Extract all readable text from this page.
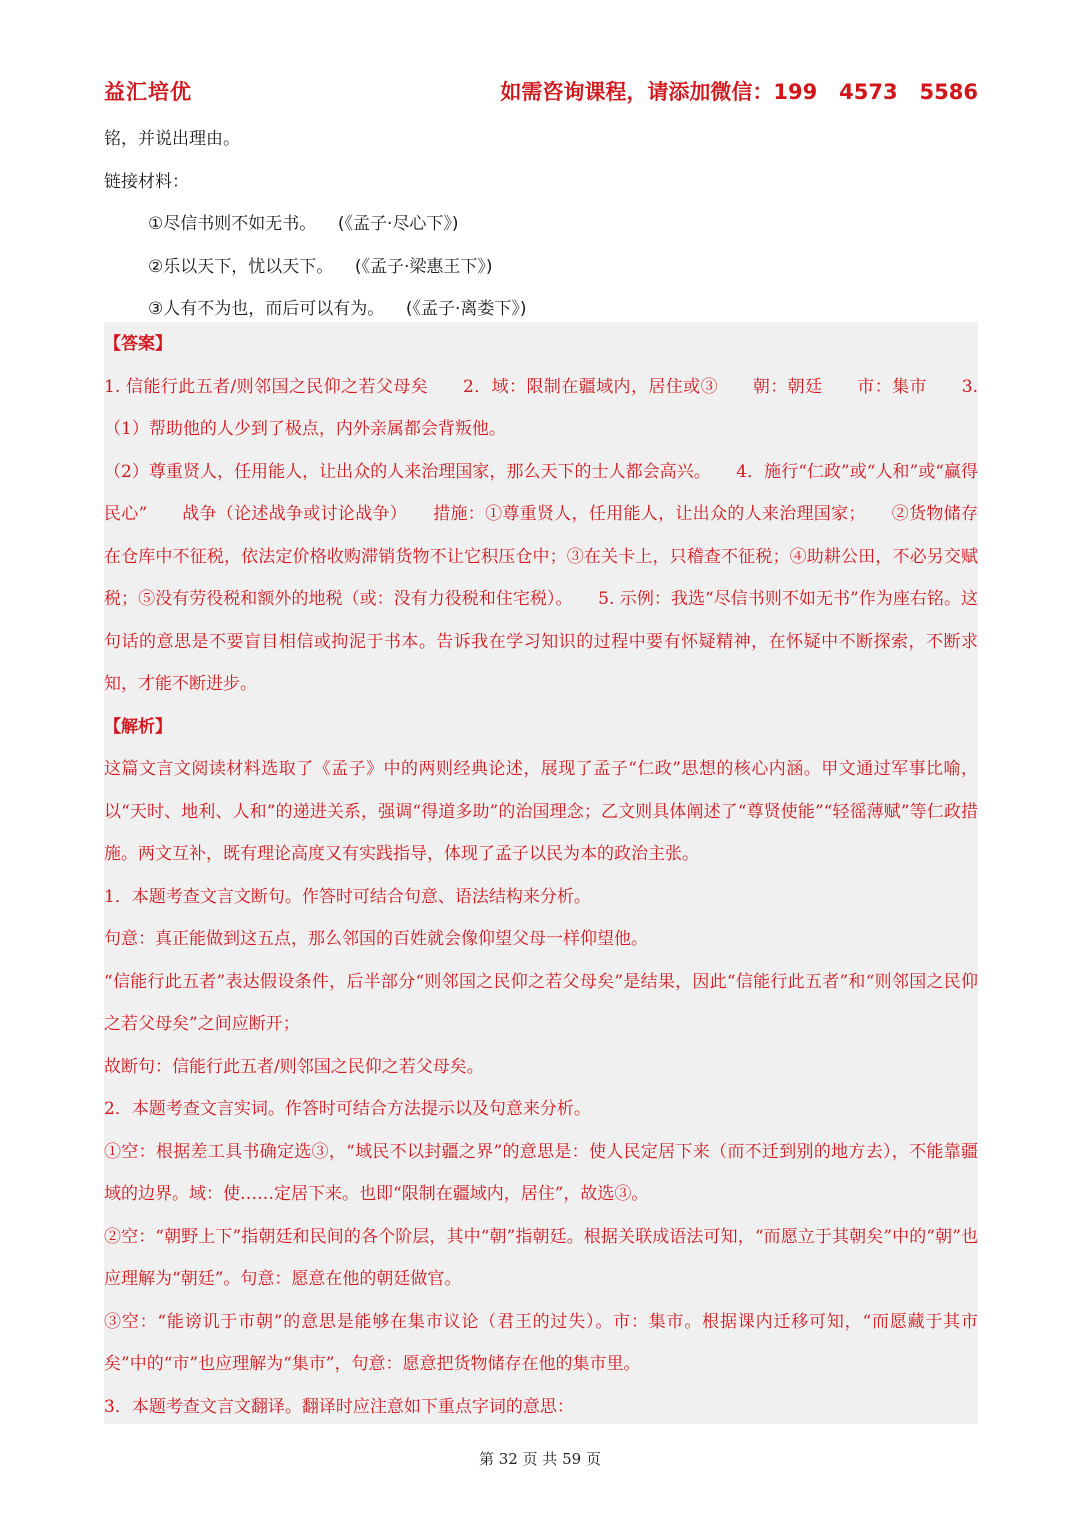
益汇培优	如需咨询课程，请添加微信：199   4573   5586

铭，并说出理由。

链接材料：

①尽信书则不如无书。    (《孟子·尽心下》)

②乐以天下，忧以天下。    (《孟子·梁惠王下》)

③人有不为也，而后可以有为。    (《孟子·离娄下》)

【答案】

1. 信能行此五者/则邻国之民仰之若父母矣　　2．域：限制在疆域内，居住或③　　朝：朝廷　　市：集市　　3.（1）帮助他的人少到了极点，内外亲属都会背叛他。

（2）尊重贤人，任用能人，让出众的人来治理国家，那么天下的士人都会高兴。　　4．施行“仁政”或“人和”或“赢得民心”　　战争（论述战争或讨论战争）　　措施：①尊重贤人，任用能人，让出众的人来治理国家；　　②货物储存在仓库中不征税，依法定价格收购滞销货物不让它积压仓中；③在关卡上，只稽查不征税；④助耕公田，不必另交赋税；⑤没有劳役税和额外的地税（或：没有力役税和住宅税）。　　5. 示例：我选“尽信书则不如无书”作为座右铭。这句话的意思是不要盲目相信或拘泥于书本。告诉我在学习知识的过程中要有怀疑精神，在怀疑中不断探索，不断求知，才能不断进步。

【解析】

这篇文言文阅读材料选取了《孟子》中的两则经典论述，展现了孟子“仁政”思想的核心内涵。甲文通过军事比喻，以“天时、地利、人和”的递进关系，强调“得道多助”的治国理念；乙文则具体阐述了“尊贤使能”“轻徭薄赋”等仁政措施。两文互补，既有理论高度又有实践指导，体现了孟子以民为本的政治主张。

1．本题考查文言文断句。作答时可结合句意、语法结构来分析。

句意：真正能做到这五点，那么邻国的百姓就会像仰望父母一样仰望他。

“信能行此五者”表达假设条件，后半部分“则邻国之民仰之若父母矣”是结果，因此“信能行此五者”和“则邻国之民仰之若父母矣”之间应断开；

故断句：信能行此五者/则邻国之民仰之若父母矣。

2．本题考查文言实词。作答时可结合方法提示以及句意来分析。

①空：根据差工具书确定选③，“域民不以封疆之界”的意思是：使人民定居下来（而不迁到别的地方去），不能靠疆域的边界。域：使……定居下来。也即“限制在疆域内，居住”，故选③。

②空：“朝野上下”指朝廷和民间的各个阶层，其中“朝”指朝廷。根据关联成语法可知，“而愿立于其朝矣”中的“朝”也应理解为“朝廷”。句意：愿意在他的朝廷做官。

③空：“能谤讥于市朝”的意思是能够在集市议论（君王的过失）。市：集市。根据课内迁移可知，“而愿藏于其市矣”中的“市”也应理解为“集市”，句意：愿意把货物储存在他的集市里。

3．本题考查文言文翻译。翻译时应注意如下重点字词的意思：

第 32 页 共 59 页
